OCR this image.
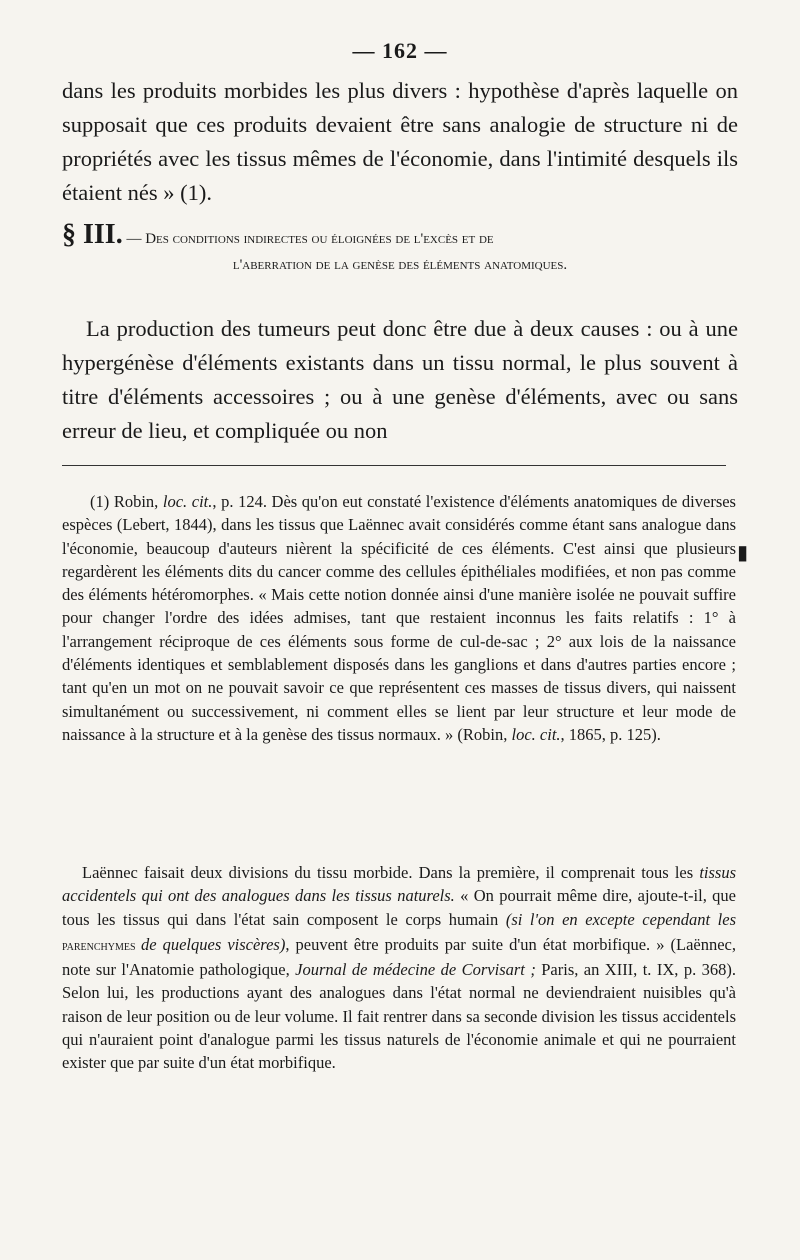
— 162 —

dans les produits morbides les plus divers : hypothèse d'après laquelle on supposait que ces produits devaient être sans analogie de structure ni de propriétés avec les tissus mêmes de l'économie, dans l'intimité desquels ils étaient nés » (1).

§ III. — Des conditions indirectes ou éloignées de l'excès et de
l'aberration de la genèse des éléments anatomiques.

La production des tumeurs peut donc être due à deux causes : ou à une hypergénèse d'éléments existants dans un tissu normal, le plus souvent à titre d'éléments accessoires ; ou à une genèse d'éléments, avec ou sans erreur de lieu, et compliquée ou non

(1) Robin, loc. cit., p. 124. Dès qu'on eut constaté l'existence d'éléments anatomiques de diverses espèces (Lebert, 1844), dans les tissus que Laënnec avait considérés comme étant sans analogue dans l'économie, beaucoup d'auteurs nièrent la spécificité de ces éléments. C'est ainsi que plusieurs regardèrent les éléments dits du cancer comme des cellules épithéliales modifiées, et non pas comme des éléments hétéromorphes. « Mais cette notion donnée ainsi d'une manière isolée ne pouvait suffire pour changer l'ordre des idées admises, tant que restaient inconnus les faits relatifs : 1° à l'arrangement réciproque de ces éléments sous forme de cul-de-sac ; 2° aux lois de la naissance d'éléments identiques et semblablement disposés dans les ganglions et dans d'autres parties encore ; tant qu'en un mot on ne pouvait savoir ce que représentent ces masses de tissus divers, qui naissent simultanément ou successivement, ni comment elles se lient par leur structure et leur mode de naissance à la structure et à la genèse des tissus normaux. » (Robin, loc. cit., 1865, p. 125).

▮

Laënnec faisait deux divisions du tissu morbide. Dans la première, il comprenait tous les tissus accidentels qui ont des analogues dans les tissus naturels. « On pourrait même dire, ajoute-t-il, que tous les tissus qui dans l'état sain composent le corps humain (si l'on en excepte cependant les parenchymes de quelques viscères), peuvent être produits par suite d'un état morbifique. » (Laënnec, note sur l'Anatomie pathologique, Journal de médecine de Corvisart ; Paris, an XIII, t. IX, p. 368). Selon lui, les productions ayant des analogues dans l'état normal ne deviendraient nuisibles qu'à raison de leur position ou de leur volume. Il fait rentrer dans sa seconde division les tissus accidentels qui n'auraient point d'analogue parmi les tissus naturels de l'économie animale et qui ne pourraient exister que par suite d'un état morbifique.
